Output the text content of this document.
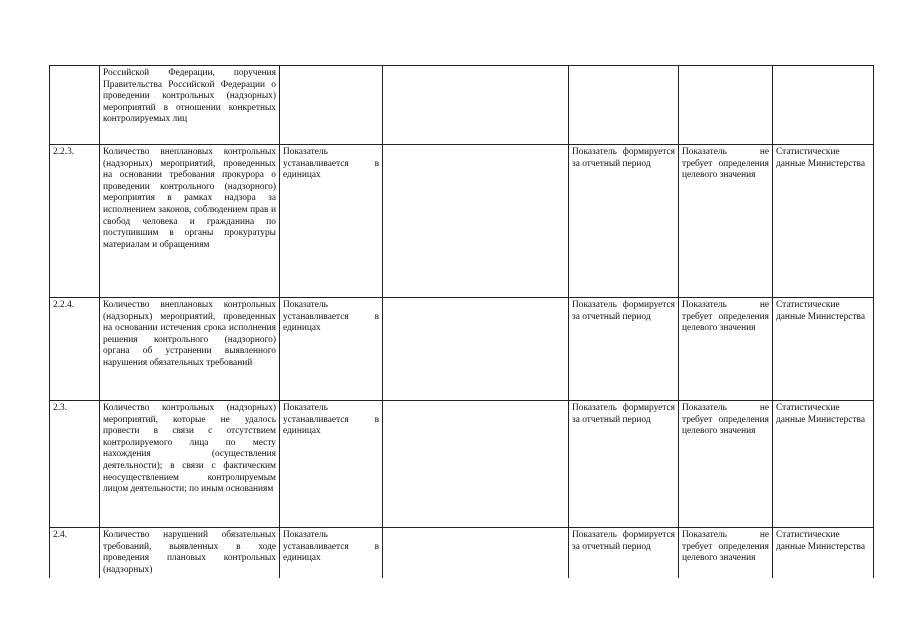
	Российской Федерации, поручения Правительства Российской Федерации о проведении контрольных (надзорных) мероприятий в отношении конкретных контролируемых лиц					
2.2.3.	Количество внеплановых контрольных (надзорных) мероприятий, проведенных на основании требования прокурора о проведении контрольного (надзорного) мероприятия в рамках надзора за исполнением законов, соблюдением прав и свобод человека и гражданина по поступившим в органы прокуратуры материалам и обращениям	Показатель устанавливается в единицах		Показатель формируется за отчетный период	Показатель не требует определения целевого значения	Статистические данные Министерства
2.2.4.	Количество внеплановых контрольных (надзорных) мероприятий, проведенных на основании истечения срока исполнения решения контрольного (надзорного) органа об устранении выявленного нарушения обязательных требований	Показатель устанавливается в единицах		Показатель формируется за отчетный период	Показатель не требует определения целевого значения	Статистические данные Министерства
2.3.	Количество контрольных (надзорных) мероприятий, которые не удалось провести в связи с отсутствием контролируемого лица по месту нахождения (осуществления деятельности); в связи с фактическим неосуществлением контролируемым лицом деятельности; по иным основаниям	Показатель устанавливается в единицах		Показатель формируется за отчетный период	Показатель не требует определения целевого значения	Статистические данные Министерства
2.4.	Количество нарушений обязательных требований, выявленных в ходе проведения плановых контрольных (надзорных)	Показатель устанавливается в единицах		Показатель формируется за отчетный период	Показатель не требует определения целевого значения	Статистические данные Министерства
